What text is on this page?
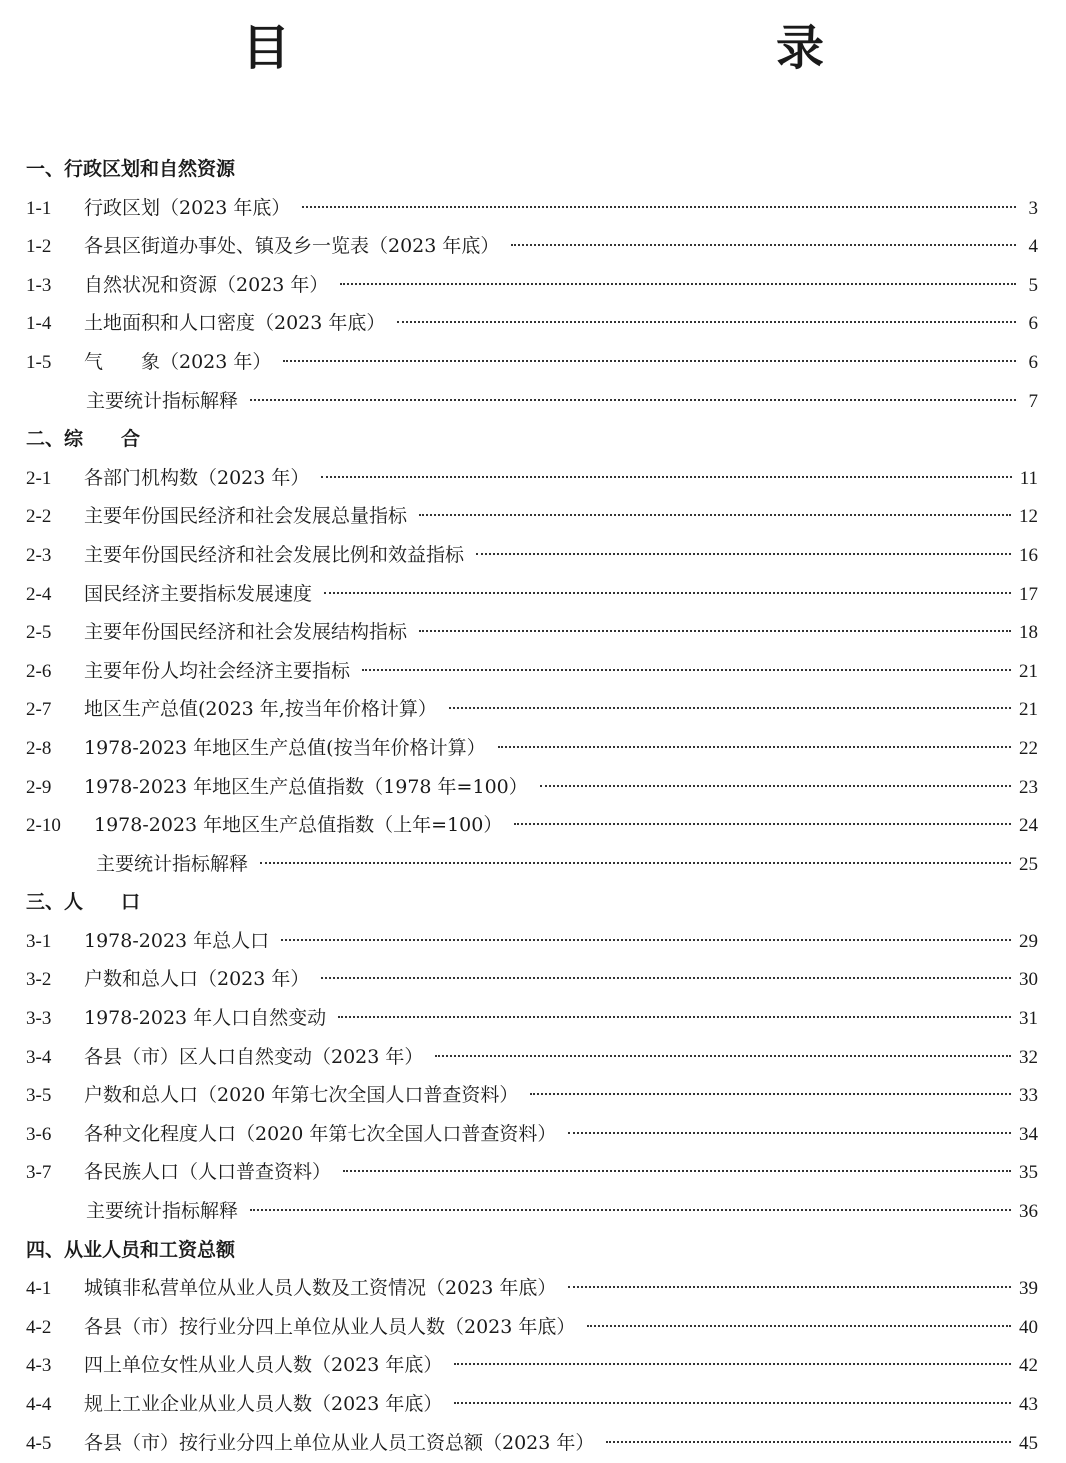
目　　录
一、行政区划和自然资源
1-1	行政区划（2023 年底）	3
1-2	各县区街道办事处、镇及乡一览表（2023 年底）	4
1-3	自然状况和资源（2023 年）	5
1-4	土地面积和人口密度（2023 年底）	6
1-5	气　　象（2023 年）	6
主要统计指标解释	7
二、综　　合
2-1	各部门机构数（2023 年）	11
2-2	主要年份国民经济和社会发展总量指标	12
2-3	主要年份国民经济和社会发展比例和效益指标	16
2-4	国民经济主要指标发展速度	17
2-5	主要年份国民经济和社会发展结构指标	18
2-6	主要年份人均社会经济主要指标	21
2-7	地区生产总值(2023 年,按当年价格计算）	21
2-8	1978-2023 年地区生产总值(按当年价格计算）	22
2-9	1978-2023 年地区生产总值指数（1978 年=100）	23
2-10	1978-2023 年地区生产总值指数（上年=100）	24
主要统计指标解释	25
三、人　　口
3-1	1978-2023 年总人口	29
3-2	户数和总人口（2023 年）	30
3-3	1978-2023 年人口自然变动	31
3-4	各县（市）区人口自然变动（2023 年）	32
3-5	户数和总人口（2020 年第七次全国人口普查资料）	33
3-6	各种文化程度人口（2020 年第七次全国人口普查资料）	34
3-7	各民族人口（人口普查资料）	35
主要统计指标解释	36
四、从业人员和工资总额
4-1	城镇非私营单位从业人员人数及工资情况（2023 年底）	39
4-2	各县（市）按行业分四上单位从业人员人数（2023 年底）	40
4-3	四上单位女性从业人员人数（2023 年底）	42
4-4	规上工业企业从业人员人数（2023 年底）	43
4-5	各县（市）按行业分四上单位从业人员工资总额（2023 年）	45
